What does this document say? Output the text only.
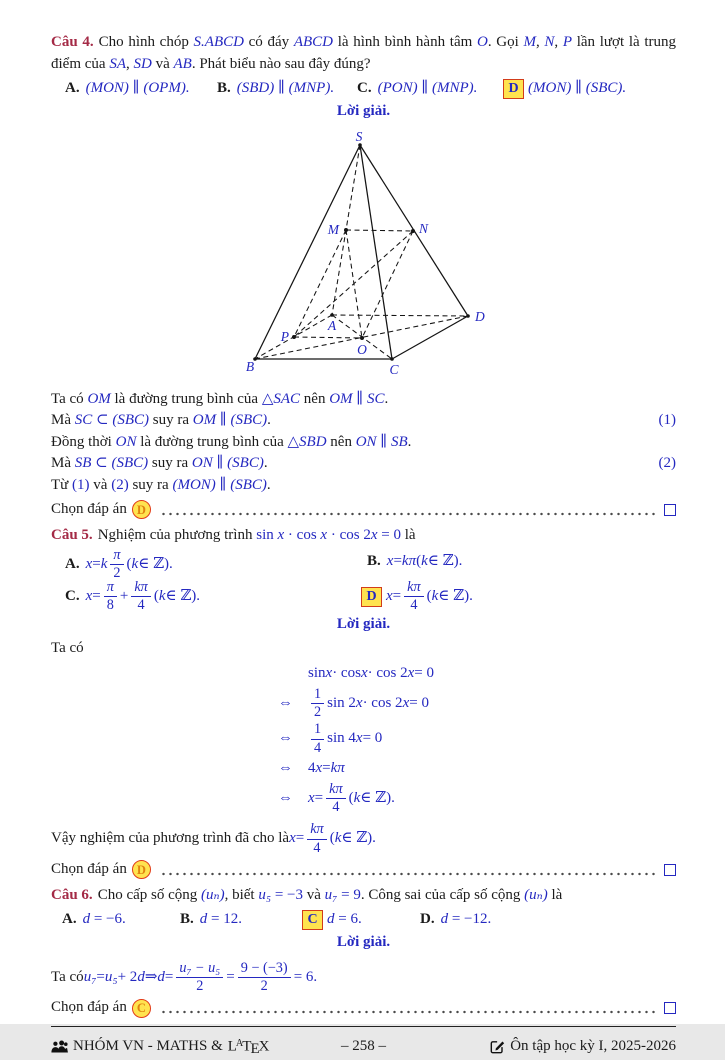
Câu 4. Cho hình chóp S.ABCD có đáy ABCD là hình bình hành tâm O. Gọi M, N, P lần lượt là trung điểm của SA, SD và AB. Phát biểu nào sau đây đúng?

A. (MON) ∥ (OPM). B. (SBD) ∥ (MNP). C. (PON) ∥ (MNP).	D (MON) ∥ (SBC).
Lời giải.
S
M	N
A
P
O
B	C
D
Ta có OM là đường trung bình của △SAC nên OM ∥ SC.
Mà SC ⊂ (SBC) suy ra OM ∥ (SBC).	(1)
Đồng thời ON là đường trung bình của △SBD nên ON ∥ SB.
Mà SB ⊂ (SBC) suy ra ON ∥ (SBC).	(2)
Từ (1) và (2) suy ra (MON) ∥ (SBC).
Chọn đáp án D

Câu 5. Nghiệm của phương trình sin x · cos x · cos 2x = 0 là

A. x = k $\frac{\pi}{2}$ ( k ∈ ℤ).	B. x = kπ ( k ∈ ℤ).
C. $x = \frac{\pi}{8} + \frac{k\pi}{4}$ ( k ∈ ℤ).	D $x = \frac{k\pi}{4}$ ( k ∈ ℤ).
Lời giải.
Ta có
sin x · cos x · cos 2 x = 0
⇔	$\frac{1}{2}$ sin 2 x · cos 2 x = 0
⇔	$\frac{1}{4}$ sin 4 x = 0
⇔	4 x = kπ
⇔	$x = \frac{k\pi}{4}$ ( k ∈ ℤ).
Vậy nghiệm của phương trình đã cho là $x = \frac{k\pi}{4}$ ( k ∈ ℤ).
Chọn đáp án D

Câu 6. Cho cấp số cộng (uₙ), biết u₅ = −3 và u₇ = 9. Công sai của cấp số cộng (uₙ) là

A. d = −6.	B. d = 12.	C d = 6.	D. d = −12.
Lời giải.
Ta có u₇ = u₅ + 2 d ⇒ $d = \frac{\text{u₇ − u₅}}{2} = \frac{9 - (-3)}{2} = 6$.
Chọn đáp án C
NHÓM VN - MATHS & $L^ATEX$	– 258 –	Ôn tập học kỳ I, 2025-2026
